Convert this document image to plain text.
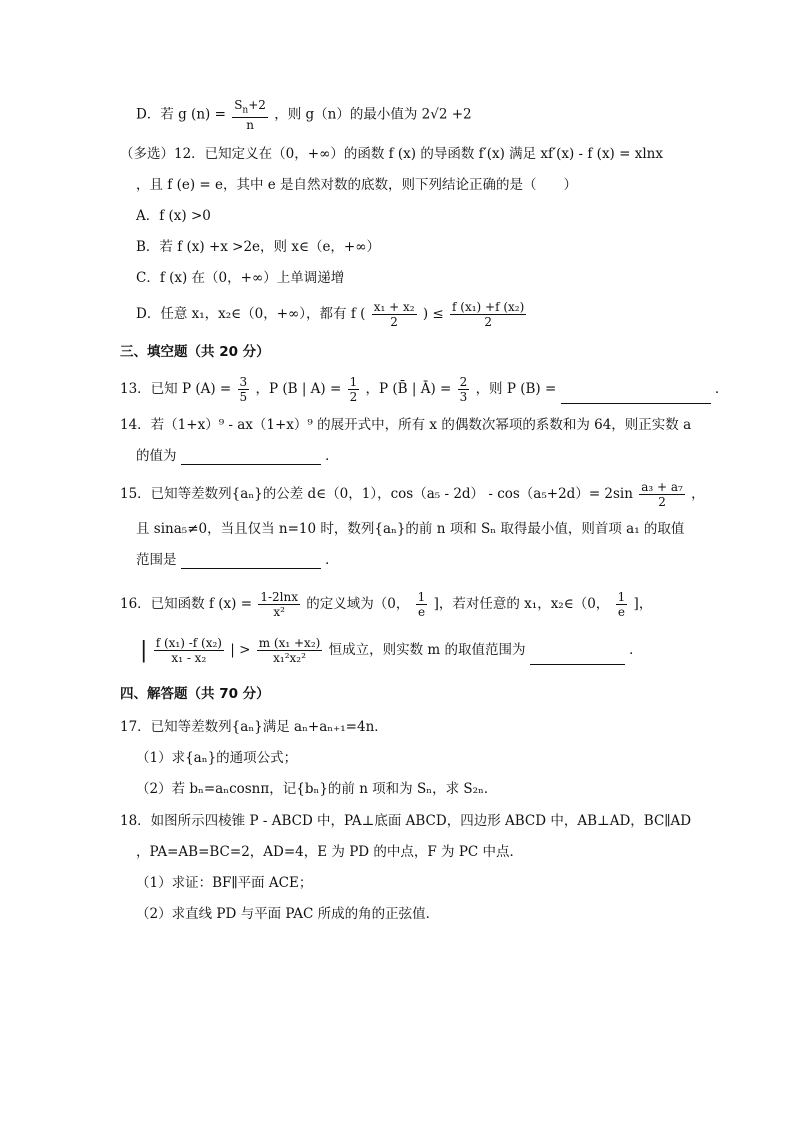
D．若 g $(n) = \frac{S_n+2}{n}$ ，则 g（n）的最小值为 2√2 +2
（多选）12．已知定义在（0，+∞）的函数 f (x) 的导函数 f′(x) 满足 xf′(x) - f (x) = xlnx
，且 f (e) = e，其中 e 是自然对数的底数，则下列结论正确的是（　　）
A．f (x) >0
B．若 f (x) +x >2e，则 x∈（e，+∞）
C．f (x) 在（0，+∞）上单调递增
D．任意 x₁，x₂∈（0，+∞），都有 f ( $\frac{\text{x₁ + x₂}}{2}$ ) ≤ $\frac{\text{f (x₁) +f (x₂)}}{2}$
三、填空题（共 20 分）
13．已知 P $(A) = \frac{3}{5}$ ，P (B | $A) = \frac{1}{2}$ ，P (B̄ | Ā) = $\frac{2}{3}$ ，则 P (B) =	．
14．若（1+x）⁹ - ax（1+x）⁹ 的展开式中，所有 x 的偶数次幂项的系数和为 64，则正实数 a
的值为	．
15．已知等差数列{aₙ}的公差 d∈（0，1），$\cos(a_5 - 2d) - \cos(a_5+2d)= 2\sin \frac{\text{a₃ + a₇}}{2}$ ，
且 sina₅≠0，当且仅当 n=10 时，数列{aₙ}的前 n 项和 Sₙ 取得最小值，则首项 a₁ 的取值
范围是	．
16．已知函数 f $(x) = \frac{1-2\ln x}{\text{x²}}$ 的定义域为（0， $\frac{1}{e}$ ]，若对任意的 x₁，x₂∈（0， $\frac{1}{e}$ ]，
| $\frac{\text{f (x₁) -f (x₂)}}{\text{x₁ - x₂}}$ | > $\frac{\text{m (x₁ +x₂)}}{\text{x₁²x₂²}}$ 恒成立，则实数 m 的取值范围为	．
四、解答题（共 70 分）
17．已知等差数列{aₙ}满足 aₙ+aₙ₊₁=4n．
（1）求{aₙ}的通项公式；
（2）若 bₙ=aₙcosnπ，记{bₙ}的前 n 项和为 Sₙ，求 S₂ₙ．
18．如图所示四棱锥 P - ABCD 中，PA⊥底面 ABCD，四边形 ABCD 中，AB⊥AD，BC∥AD
，PA=AB=BC=2，AD=4，E 为 PD 的中点，F 为 PC 中点．
（1）求证：BF∥平面 ACE；
（2）求直线 PD 与平面 PAC 所成的角的正弦值．
